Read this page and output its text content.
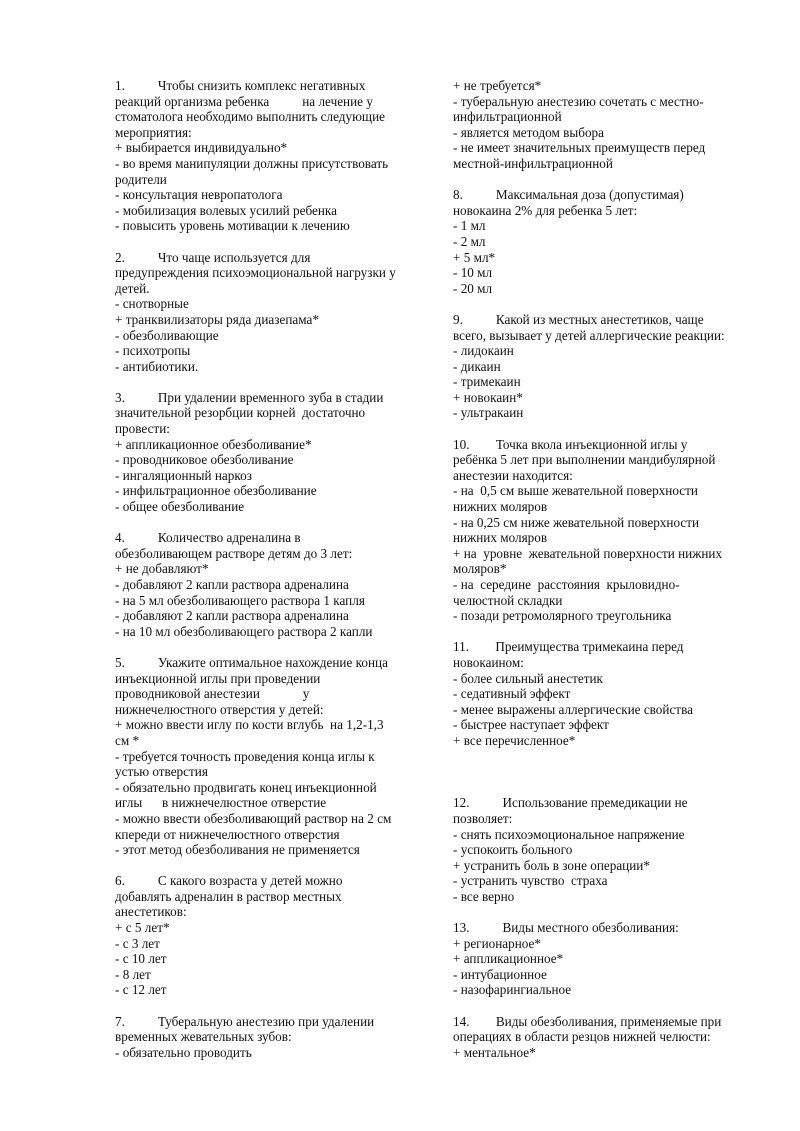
1.          Чтобы снизить комплекс негативных
реакций организма ребенка          на лечение у
стоматолога необходимо выполнить следующие
мероприятия:
+ выбирается индивидуально*
- во время манипуляции должны присутствовать
родители
- консультация невропатолога
- мобилизация волевых усилий ребенка
- повысить уровень мотивации к лечению
2.          Что чаще используется для
предупреждения психоэмоциональной нагрузки у
детей.
- снотворные
+ транквилизаторы ряда диазепама*
- обезболивающие
- психотропы
- антибиотики.
3.          При удалении временного зуба в стадии
значительной резорбции корней  достаточно
провести:
+ аппликационное обезболивание*
- проводниковое обезболивание
- ингаляционный наркоз
- инфильтрационное обезболивание
- общее обезболивание
4.          Количество адреналина в
обезболивающем растворе детям до 3 лет:
+ не добавляют*
- добавляют 2 капли раствора адреналина
- на 5 мл обезболивающего раствора 1 капля
- добавляют 2 капли раствора адреналина
- на 10 мл обезболивающего раствора 2 капли
5.          Укажите оптимальное нахождение конца
инъекционной иглы при проведении
проводниковой анестезии             у
нижнечелюстного отверстия у детей:
+ можно ввести иглу по кости вглубь  на 1,2-1,3
см *
- требуется точность проведения конца иглы к
устью отверстия
- обязательно продвигать конец инъекционной
иглы      в нижнечелюстное отверстие
- можно ввести обезболивающий раствор на 2 см
кпереди от нижнечелюстного отверстия
- этот метод обезболивания не применяется
6.          С какого возраста у детей можно
добавлять адреналин в раствор местных
анестетиков:
+ с 5 лет*
- с 3 лет
- с 10 лет
- 8 лет
- с 12 лет
7.          Туберальную анестезию при удалении
временных жевательных зубов:
- обязательно проводить
+ не требуется*
- туберальную анестезию сочетать с местно-
инфильтрационной
- является методом выбора
- не имеет значительных преимуществ перед
местной-инфильтрационной
8.          Максимальная доза (допустимая)
новокаина 2% для ребенка 5 лет:
- 1 мл
- 2 мл
+ 5 мл*
- 10 мл
- 20 мл
9.          Какой из местных анестетиков, чаще
всего, вызывает у детей аллергические реакции:
- лидокаин
- дикаин
- тримекаин
+ новокаин*
- ультракаин
10.        Точка вкола инъекционной иглы у
ребёнка 5 лет при выполнении мандибулярной
анестезии находится:
- на  0,5 см выше жевательной поверхности
нижних моляров
- на 0,25 см ниже жевательной поверхности
нижних моляров
+ на  уровне  жевательной поверхности нижних
моляров*
- на  середине  расстояния  крыловидно-
челюстной складки
- позади ретромолярного треугольника
11.        Преимущества тримекаина перед
новокаином:
- более сильный анестетик
- седативный эффект
- менее выражены аллергические свойства
- быстрее наступает эффект
+ все перечисленное*
12.          Использование премедикации не
позволяет:
- снять психоэмоциональное напряжение
- успокоить больного
+ устранить боль в зоне операции*
- устранить чувство  страха
- все верно
13.          Виды местного обезболивания:
+ регионарное*
+ аппликационное*
- интубационное
- назофарингиальное
14.        Виды обезболивания, применяемые при
операциях в области резцов нижней челюсти:
+ ментальное*
